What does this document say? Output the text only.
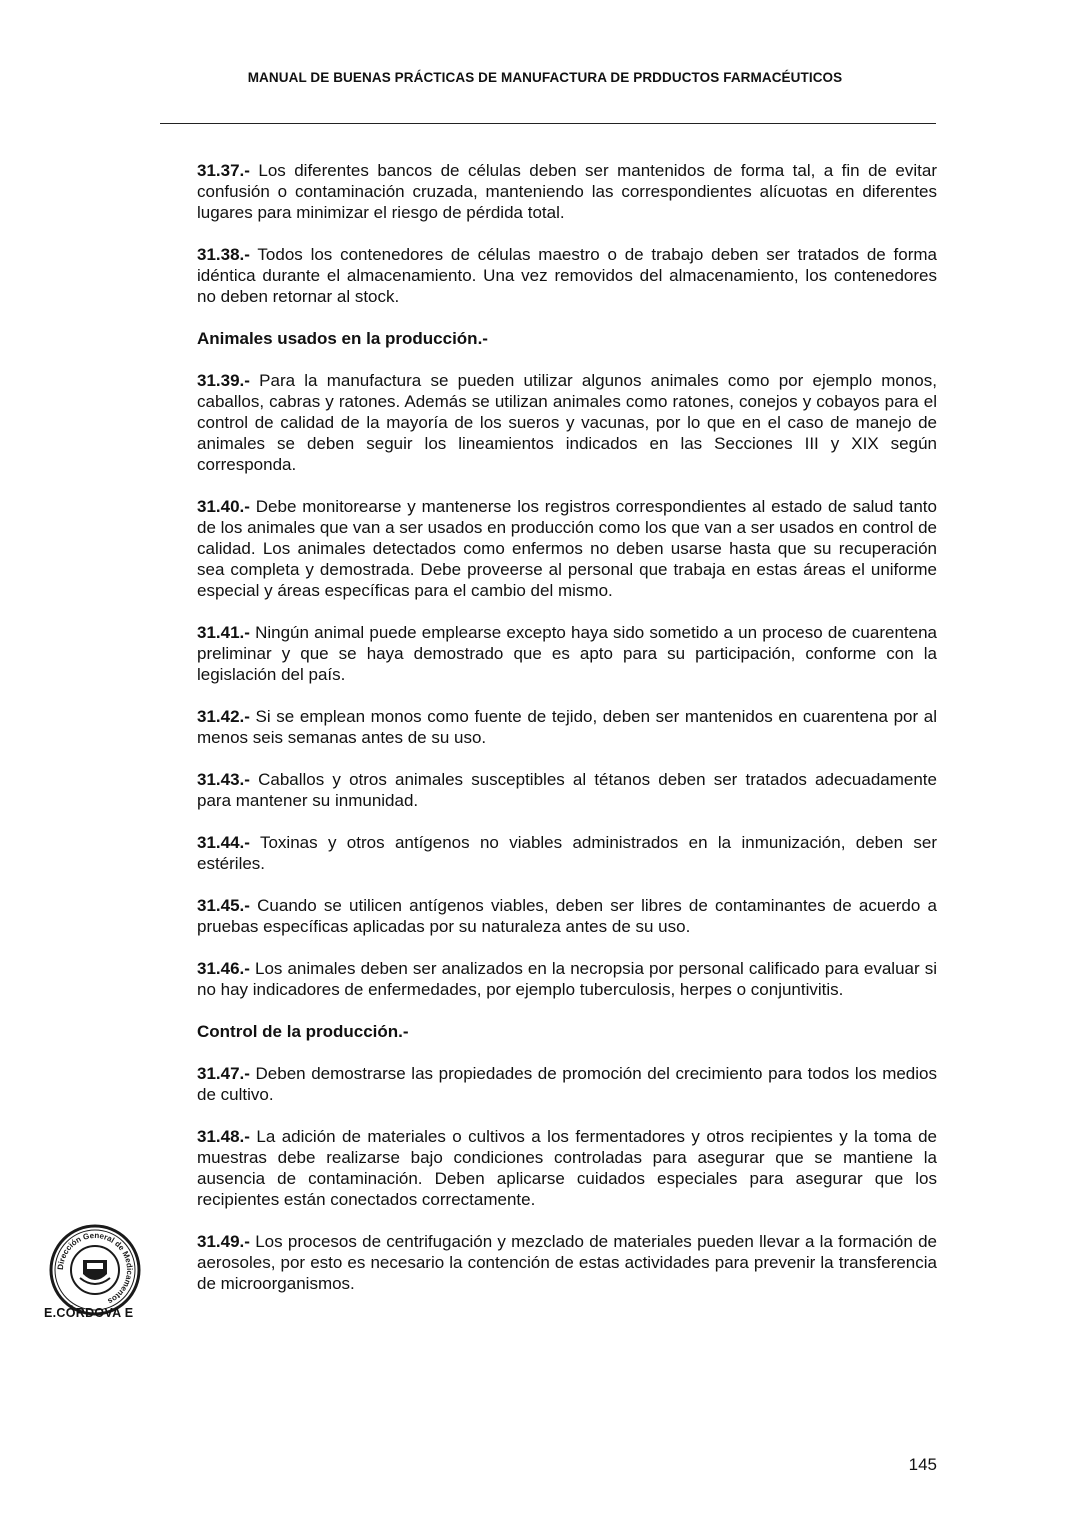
MANUAL DE BUENAS PRÁCTICAS DE MANUFACTURA DE PRDDUCTOS FARMACÉUTICOS

31.37.- Los diferentes bancos de células deben ser mantenidos de forma tal, a fin de evitar confusión o contaminación cruzada, manteniendo las correspondientes alícuotas en diferentes lugares para minimizar el riesgo de pérdida total.

31.38.- Todos los contenedores de células maestro o de trabajo deben ser tratados de forma idéntica durante el almacenamiento. Una vez removidos del almacenamiento, los contenedores no deben retornar al stock.

Animales usados en la producción.-

31.39.- Para la manufactura se pueden utilizar algunos animales como por ejemplo monos, caballos, cabras y ratones. Además se utilizan animales como ratones, conejos y cobayos para el control de calidad de la mayoría de los sueros y vacunas, por lo que en el caso de manejo de animales se deben seguir los lineamientos indicados en las Secciones III y XIX según corresponda.

31.40.- Debe monitorearse y mantenerse los registros correspondientes al estado de salud tanto de los animales que van a ser usados en producción como los que van a ser usados en control de calidad. Los animales detectados como enfermos no deben usarse hasta que su recuperación sea completa y demostrada. Debe proveerse al personal que trabaja en estas áreas el uniforme especial y áreas específicas para el cambio del mismo.

31.41.- Ningún animal puede emplearse excepto haya sido sometido a un proceso de cuarentena preliminar y que se haya demostrado que es apto para su participación, conforme con la legislación del país.

31.42.- Si se emplean monos como fuente de tejido, deben ser mantenidos en cuarentena por al menos seis semanas antes de su uso.

31.43.- Caballos y otros animales susceptibles al tétanos deben ser tratados adecuadamente para mantener su inmunidad.

31.44.- Toxinas y otros antígenos no viables administrados en la inmunización, deben ser estériles.

31.45.- Cuando se utilicen antígenos viables, deben ser libres de contaminantes de acuerdo a pruebas específicas aplicadas por su naturaleza antes de su uso.

31.46.- Los animales deben ser analizados en la necropsia por personal calificado para evaluar si no hay indicadores de enfermedades, por ejemplo tuberculosis, herpes o conjuntivitis.

Control de la producción.-

31.47.- Deben demostrarse las propiedades de promoción del crecimiento para todos los medios de cultivo.

31.48.- La adición de materiales o cultivos a los fermentadores y otros recipientes y la toma de muestras debe realizarse bajo condiciones controladas para asegurar que se mantiene la ausencia de contaminación. Deben aplicarse cuidados especiales para asegurar que los recipientes están conectados correctamente.

31.49.- Los procesos de centrifugación y mezclado de materiales pueden llevar a la formación de aerosoles, por esto es necesario la contención de estas actividades para prevenir la transferencia de microorganismos.

Dirección General de Medicamentos
E.CÓRDOVA E
145
